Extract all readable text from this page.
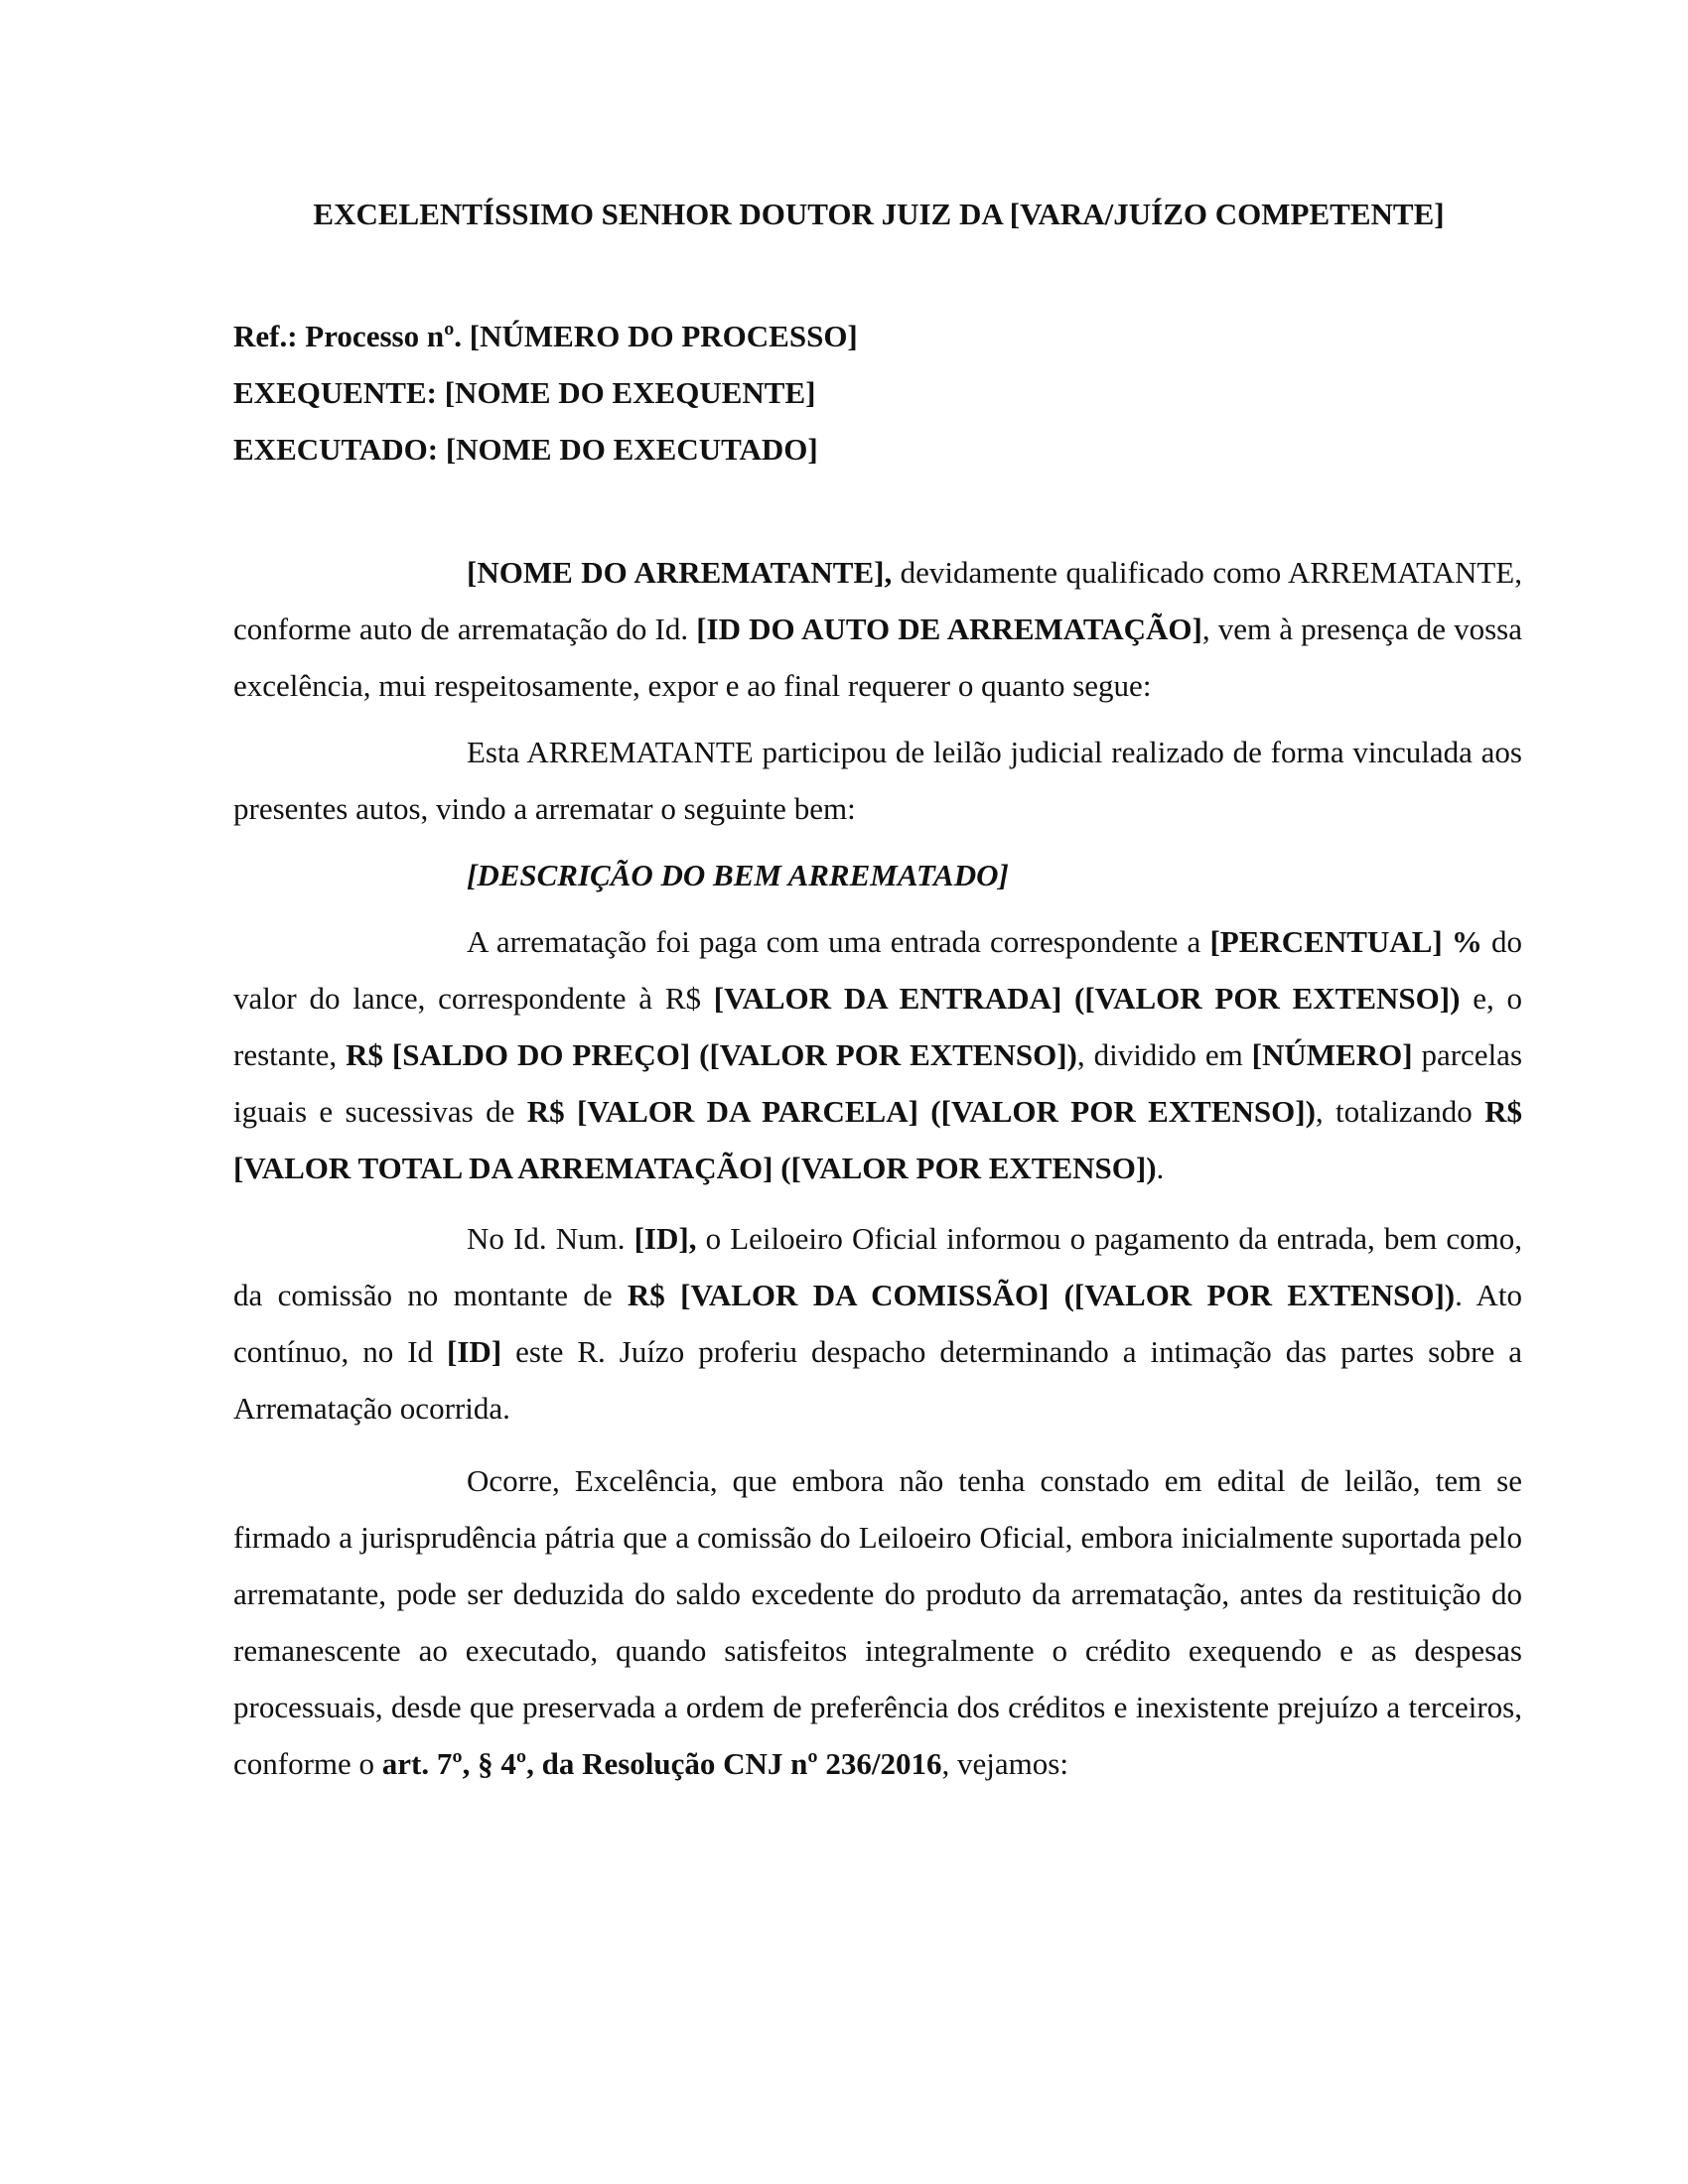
EXCELENTÍSSIMO SENHOR DOUTOR JUIZ DA [VARA/JUÍZO COMPETENTE]
Ref.: Processo nº. [NÚMERO DO PROCESSO]
EXEQUENTE: [NOME DO EXEQUENTE]
EXECUTADO: [NOME DO EXECUTADO]

[NOME DO ARREMATANTE], devidamente qualificado como ARREMATANTE, conforme auto de arrematação do Id. [ID DO AUTO DE ARREMATAÇÃO], vem à presença de vossa excelência, mui respeitosamente, expor e ao final requerer o quanto segue:

Esta ARREMATANTE participou de leilão judicial realizado de forma vinculada aos presentes autos, vindo a arrematar o seguinte bem:

[DESCRIÇÃO DO BEM ARREMATADO]

A arrematação foi paga com uma entrada correspondente a [PERCENTUAL] % do valor do lance, correspondente à R$ [VALOR DA ENTRADA] ([VALOR POR EXTENSO]) e, o restante, R$ [SALDO DO PREÇO] ([VALOR POR EXTENSO]), dividido em [NÚMERO] parcelas iguais e sucessivas de R$ [VALOR DA PARCELA] ([VALOR POR EXTENSO]), totalizando R$ [VALOR TOTAL DA ARREMATAÇÃO] ([VALOR POR EXTENSO]).

No Id. Num. [ID], o Leiloeiro Oficial informou o pagamento da entrada, bem como, da comissão no montante de R$ [VALOR DA COMISSÃO] ([VALOR POR EXTENSO]). Ato contínuo, no Id [ID] este R. Juízo proferiu despacho determinando a intimação das partes sobre a Arrematação ocorrida.

Ocorre, Excelência, que embora não tenha constado em edital de leilão, tem se firmado a jurisprudência pátria que a comissão do Leiloeiro Oficial, embora inicialmente suportada pelo arrematante, pode ser deduzida do saldo excedente do produto da arrematação, antes da restituição do remanescente ao executado, quando satisfeitos integralmente o crédito exequendo e as despesas processuais, desde que preservada a ordem de preferência dos créditos e inexistente prejuízo a terceiros, conforme o art. 7º, § 4º, da Resolução CNJ nº 236/2016, vejamos:
